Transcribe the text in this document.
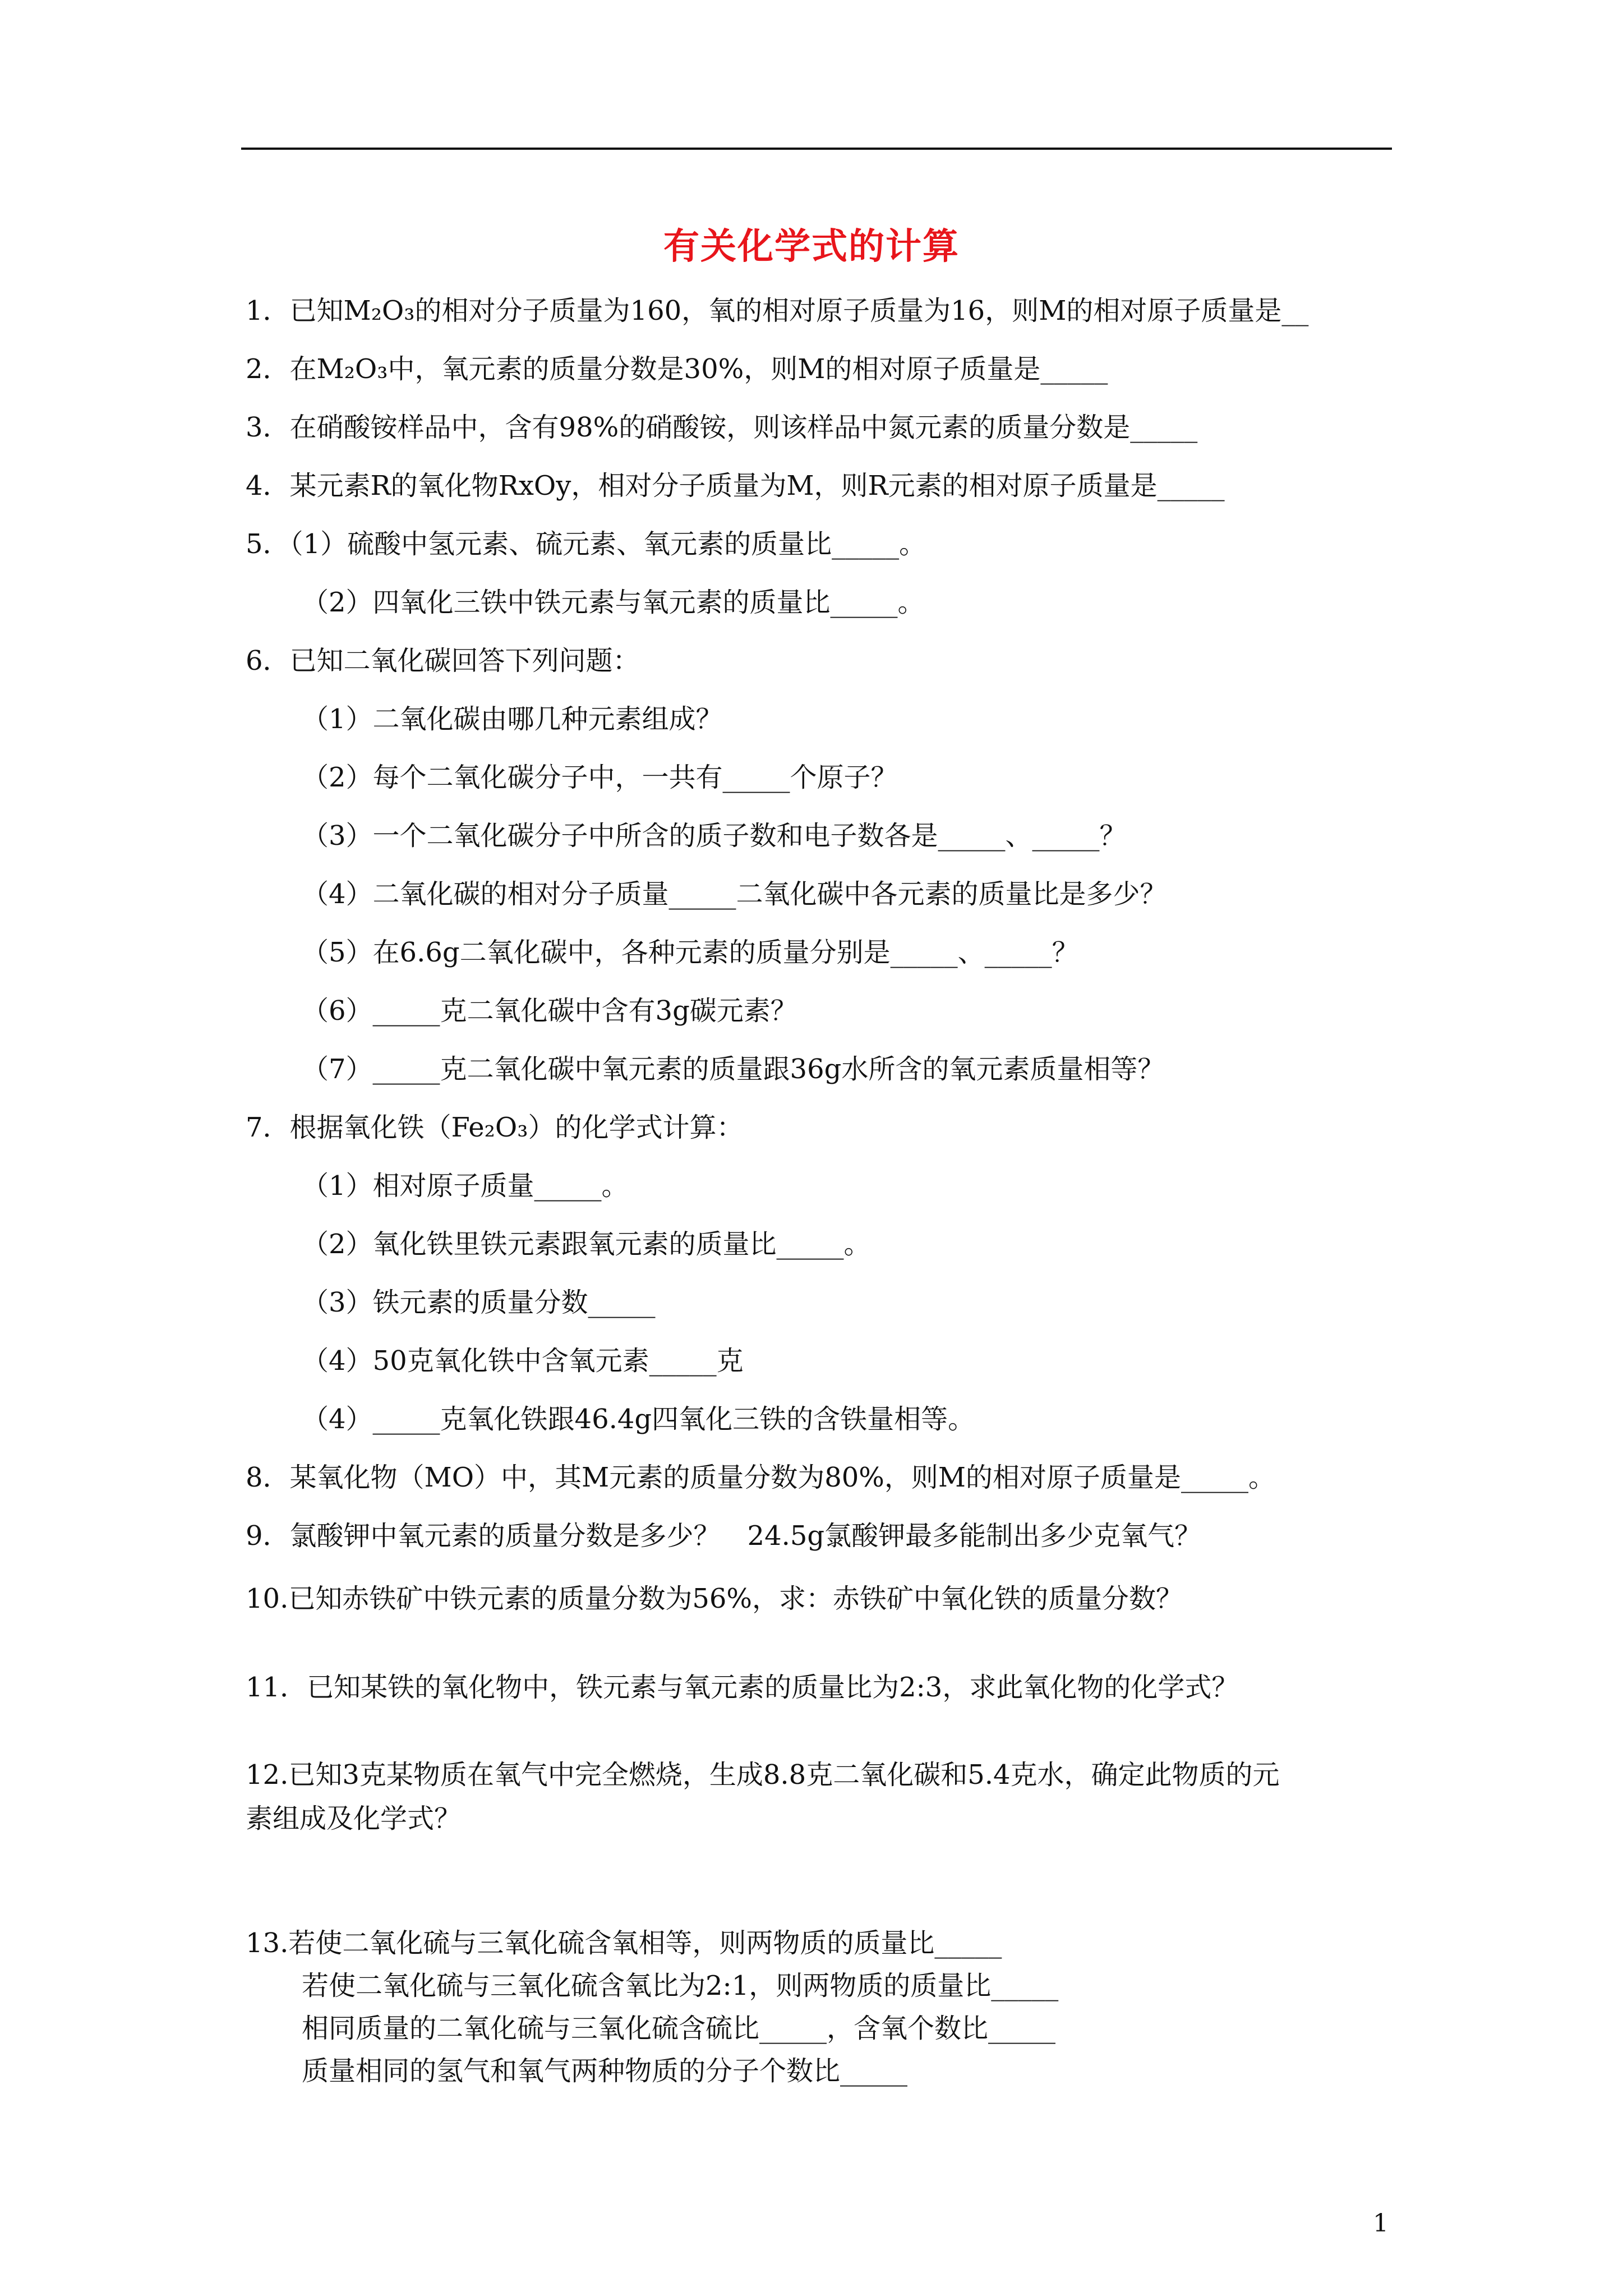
有关化学式的计算
1．已知M₂O₃的相对分子质量为160，氧的相对原子质量为16，则M的相对原子质量是__
2．在M₂O₃中，氧元素的质量分数是30%，则M的相对原子质量是_____
3．在硝酸铵样品中，含有98%的硝酸铵，则该样品中氮元素的质量分数是_____
4．某元素R的氧化物RxOy，相对分子质量为M，则R元素的相对原子质量是_____
5．（1）硫酸中氢元素、硫元素、氧元素的质量比_____。
（2）四氧化三铁中铁元素与氧元素的质量比_____。
6．已知二氧化碳回答下列问题：
（1）二氧化碳由哪几种元素组成？
（2）每个二氧化碳分子中，一共有_____个原子？
（3）一个二氧化碳分子中所含的质子数和电子数各是_____、_____？
（4）二氧化碳的相对分子质量_____二氧化碳中各元素的质量比是多少？
（5）在6.6g二氧化碳中，各种元素的质量分别是_____、_____？
（6）_____克二氧化碳中含有3g碳元素？
（7）_____克二氧化碳中氧元素的质量跟36g水所含的氧元素质量相等？
7．根据氧化铁（Fe₂O₃）的化学式计算：
（1）相对原子质量_____。
（2）氧化铁里铁元素跟氧元素的质量比_____。
（3）铁元素的质量分数_____
（4）50克氧化铁中含氧元素_____克
（4）_____克氧化铁跟46.4g四氧化三铁的含铁量相等。
8．某氧化物（MO）中，其M元素的质量分数为80%，则M的相对原子质量是_____。
9．氯酸钾中氧元素的质量分数是多少？　24.5g氯酸钾最多能制出多少克氧气？
10.已知赤铁矿中铁元素的质量分数为56%，求：赤铁矿中氧化铁的质量分数？
11．已知某铁的氧化物中，铁元素与氧元素的质量比为2:3，求此氧化物的化学式？
12.已知3克某物质在氧气中完全燃烧，生成8.8克二氧化碳和5.4克水，确定此物质的元
素组成及化学式？
13.若使二氧化硫与三氧化硫含氧相等，则两物质的质量比_____
若使二氧化硫与三氧化硫含氧比为2:1，则两物质的质量比_____
相同质量的二氧化硫与三氧化硫含硫比_____，含氧个数比_____
质量相同的氢气和氧气两种物质的分子个数比_____
1
